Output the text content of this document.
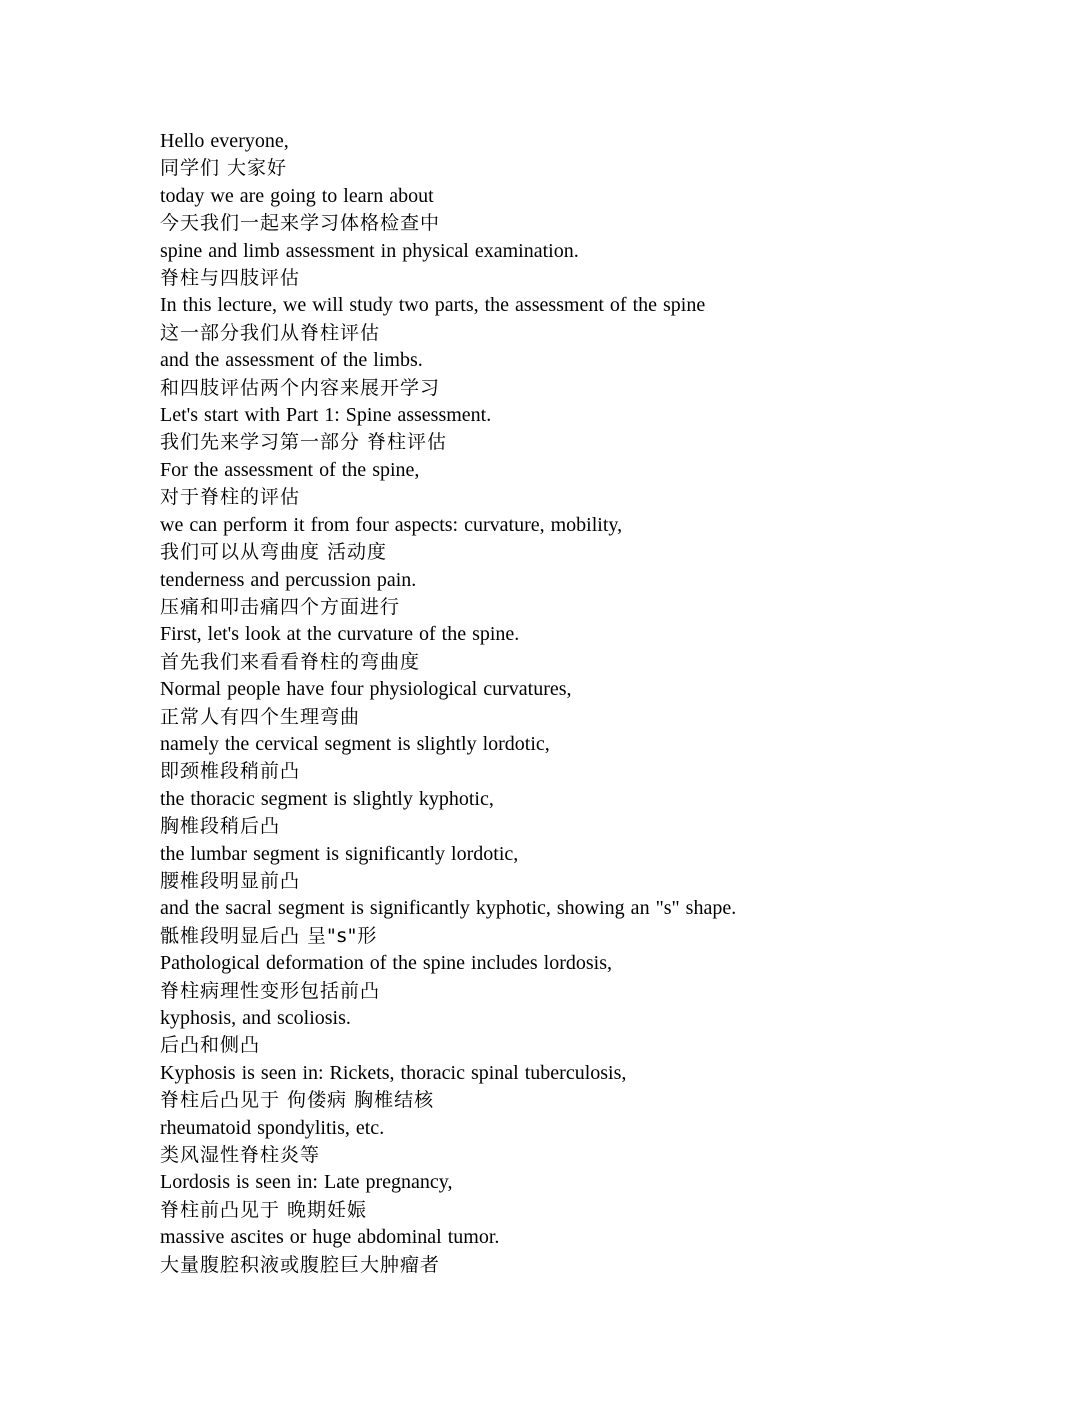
Hello everyone,
同学们 大家好
today we are going to learn about
今天我们一起来学习体格检查中
spine and limb assessment in physical examination.
脊柱与四肢评估
In this lecture, we will study two parts, the assessment of the spine
这一部分我们从脊柱评估
and the assessment of the limbs.
和四肢评估两个内容来展开学习
Let's start with Part 1: Spine assessment.
我们先来学习第一部分 脊柱评估
For the assessment of the spine,
对于脊柱的评估
we can perform it from four aspects: curvature, mobility,
我们可以从弯曲度 活动度
tenderness and percussion pain.
压痛和叩击痛四个方面进行
First, let's look at the curvature of the spine.
首先我们来看看脊柱的弯曲度
Normal people have four physiological curvatures,
正常人有四个生理弯曲
namely the cervical segment is slightly lordotic,
即颈椎段稍前凸
the thoracic segment is slightly kyphotic,
胸椎段稍后凸
the lumbar segment is significantly lordotic,
腰椎段明显前凸
and the sacral segment is significantly kyphotic, showing an "s" shape.
骶椎段明显后凸 呈"s"形
Pathological deformation of the spine includes lordosis,
脊柱病理性变形包括前凸
kyphosis, and scoliosis.
后凸和侧凸
Kyphosis is seen in: Rickets, thoracic spinal tuberculosis,
脊柱后凸见于 佝偻病 胸椎结核
rheumatoid spondylitis, etc.
类风湿性脊柱炎等
Lordosis is seen in: Late pregnancy,
脊柱前凸见于 晚期妊娠
massive ascites or huge abdominal tumor.
大量腹腔积液或腹腔巨大肿瘤者
